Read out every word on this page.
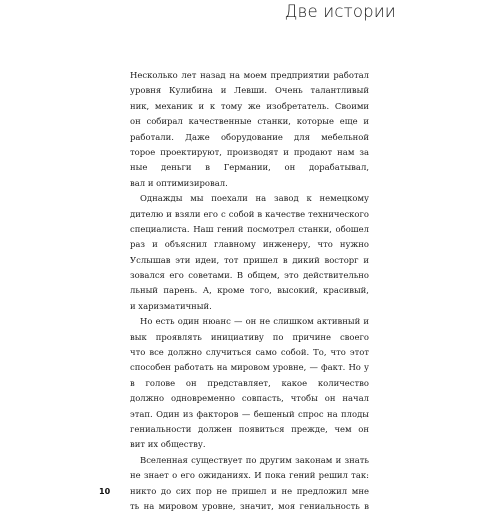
Две истории
Несколько лет назад на моем предприятии работал
уровня Кулибина и Левши. Очень талантливый
ник, механик и к тому же изобретатель. Своими
он собирал качественные станки, которые еще и
работали. Даже оборудование для мебельной
торое проектируют, производят и продают нам за
ные деньги в Германии, он дорабатывал,
вал и оптимизировал.
Однажды мы поехали на завод к немецкому
дителю и взяли его с собой в качестве технического
специалиста. Наш гений посмотрел станки, обошел
раз и объяснил главному инженеру, что нужно
Услышав эти идеи, тот пришел в дикий восторг и
зовался его советами. В общем, это действительно
льный парень. А, кроме того, высокий, красивый,
и харизматичный.
Но есть один нюанс — он не слишком активный и
вык проявлять инициативу по причине своего
что все должно случиться само собой. То, что этот
способен работать на мировом уровне, — факт. Но у
в голове он представляет, какое количество
должно одновременно совпасть, чтобы он начал
этап. Один из факторов — бешеный спрос на плоды
гениальности должен появиться прежде, чем он
вит их обществу.
Вселенная существует по другим законам и знать
не знает о его ожиданиях. И пока гений решил так:
никто до сих пор не пришел и не предложил мне
ть на мировом уровне, значит, моя гениальность в
10
